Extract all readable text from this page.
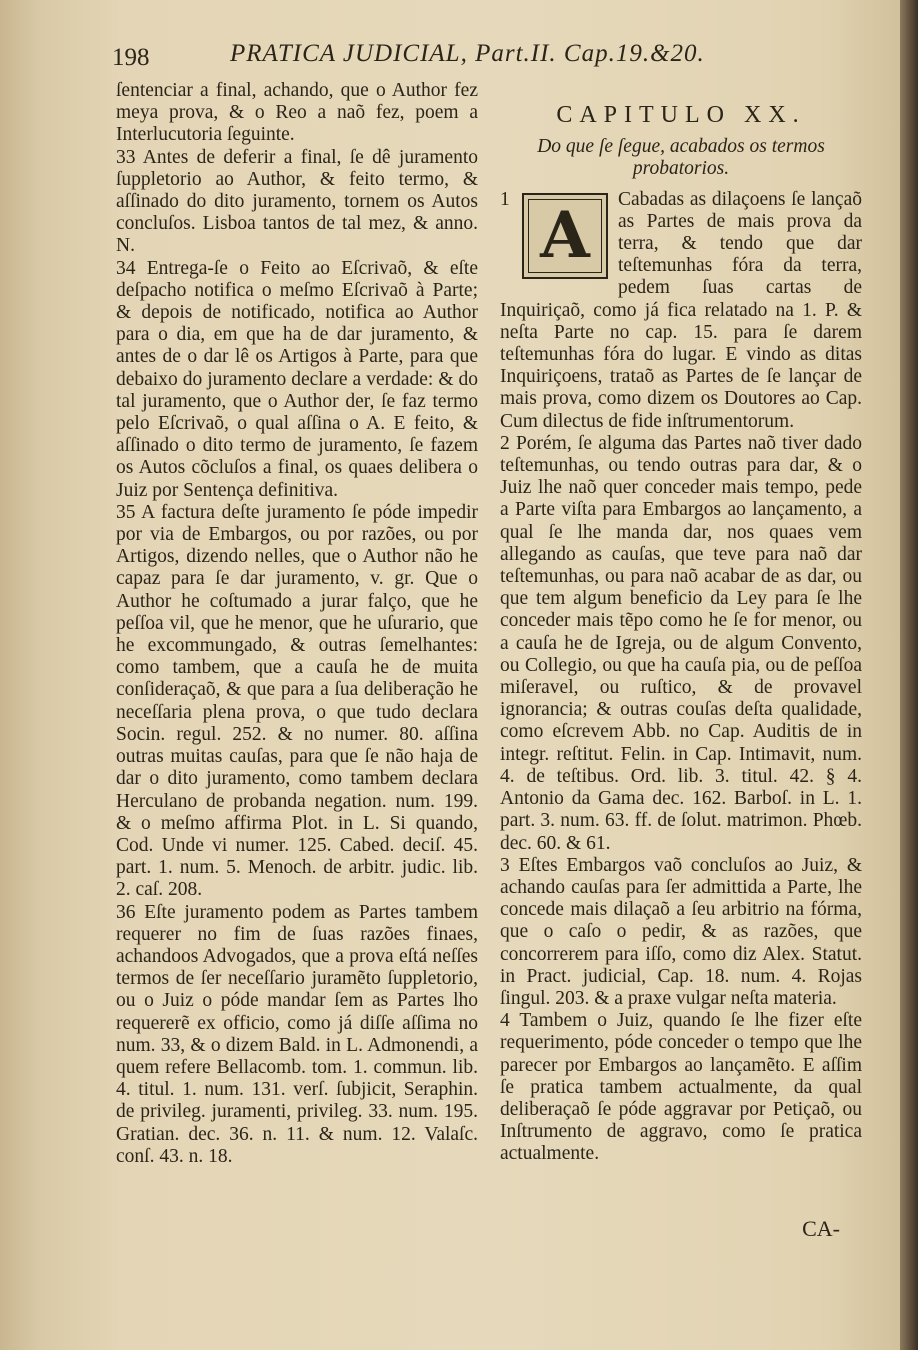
198	PRATICA JUDICIAL, Part.II. Cap.19.&20.

ſentenciar a final, achando, que o Author fez meya prova, & o Reo a naõ fez, poem a Interlucutoria ſeguinte.

33 Antes de deferir a final, ſe dê juramento ſuppletorio ao Author, & feito termo, & aſſinado do dito juramento, tornem os Autos concluſos. Lisboa tantos de tal mez, & anno. N.

34 Entrega-ſe o Feito ao Eſcrivaõ, & eſte deſpacho notifica o meſmo Eſcrivaõ à Parte; & depois de notificado, notifica ao Author para o dia, em que ha de dar juramento, & antes de o dar lê os Artigos à Parte, para que debaixo do juramento declare a verdade: & do tal juramento, que o Author der, ſe faz termo pelo Eſcrivaõ, o qual aſſina o A. E feito, & aſſinado o dito termo de juramento, ſe fazem os Autos cõcluſos a final, os quaes delibera o Juiz por Sentença definitiva.

35 A factura deſte juramento ſe póde impedir por via de Embargos, ou por razões, ou por Artigos, dizendo nelles, que o Author não he capaz para ſe dar juramento, v. gr. Que o Author he coſtumado a jurar falço, que he peſſoa vil, que he menor, que he uſurario, que he excommungado, & outras ſemelhantes: como tambem, que a cauſa he de muita conſideraçaõ, & que para a ſua deliberação he neceſſaria plena prova, o que tudo declara Socin. regul. 252. & no numer. 80. aſſina outras muitas cauſas, para que ſe não haja de dar o dito juramento, como tambem declara Herculano de probanda negation. num. 199. & o meſmo affirma Plot. in L. Si quando, Cod. Unde vi numer. 125. Cabed. deciſ. 45. part. 1. num. 5. Menoch. de arbitr. judic. lib. 2. caſ. 208.

36 Eſte juramento podem as Partes tambem requerer no fim de ſuas razões finaes, achandoos Advogados, que a prova eſtá neſſes termos de ſer neceſſario juramẽto ſuppletorio, ou o Juiz o póde mandar ſem as Partes lho requererẽ ex officio, como já diſſe aſſima no num. 33, & o dizem Bald. in L. Admonendi, a quem refere Bellacomb. tom. 1. commun. lib. 4. titul. 1. num. 131. verſ. ſubjicit, Seraphin. de privileg. juramenti, privileg. 33. num. 195. Gratian. dec. 36. n. 11. & num. 12. Valaſc. conſ. 43. n. 18.

CAPITULO XX.
Do que ſe ſegue, acabados os termos probatorios.
1 A	Cabadas as dilaçoens ſe lançaõ as Partes de mais prova da terra, & tendo que dar teſtemunhas fóra da terra, pedem ſuas cartas de Inquiriçaõ, como já fica relatado na 1. P. & neſta Parte no cap. 15. para ſe darem teſtemunhas fóra do lugar. E vindo as ditas Inquiriçoens, trataõ as Partes de ſe lançar de mais prova, como dizem os Doutores ao Cap. Cum dilectus de fide inſtrumentorum.

2 Porém, ſe alguma das Partes naõ tiver dado teſtemunhas, ou tendo outras para dar, & o Juiz lhe naõ quer conceder mais tempo, pede a Parte viſta para Embargos ao lançamento, a qual ſe lhe manda dar, nos quaes vem allegando as cauſas, que teve para naõ dar teſtemunhas, ou para naõ acabar de as dar, ou que tem algum beneficio da Ley para ſe lhe conceder mais tẽpo como he ſe for menor, ou a cauſa he de Igreja, ou de algum Convento, ou Collegio, ou que ha cauſa pia, ou de peſſoa miſeravel, ou ruſtico, & de provavel ignorancia; & outras couſas deſta qualidade, como eſcrevem Abb. no Cap. Auditis de in integr. reſtitut. Felin. in Cap. Intimavit, num. 4. de teſtibus. Ord. lib. 3. titul. 42. § 4. Antonio da Gama dec. 162. Barboſ. in L. 1. part. 3. num. 63. ff. de ſolut. matrimon. Phœb. dec. 60. & 61.

3 Eſtes Embargos vaõ concluſos ao Juiz, & achando cauſas para ſer admittida a Parte, lhe concede mais dilaçaõ a ſeu arbitrio na fórma, que o caſo o pedir, & as razões, que concorrerem para iſſo, como diz Alex. Statut. in Pract. judicial, Cap. 18. num. 4. Rojas ſingul. 203. & a praxe vulgar neſta materia.

4 Tambem o Juiz, quando ſe lhe fizer eſte requerimento, póde conceder o tempo que lhe parecer por Embargos ao lançamẽto. E aſſim ſe pratica tambem actualmente, da qual deliberaçaõ ſe póde aggravar por Petiçaõ, ou Inſtrumento de aggravo, como ſe pratica actualmente.

CA-
